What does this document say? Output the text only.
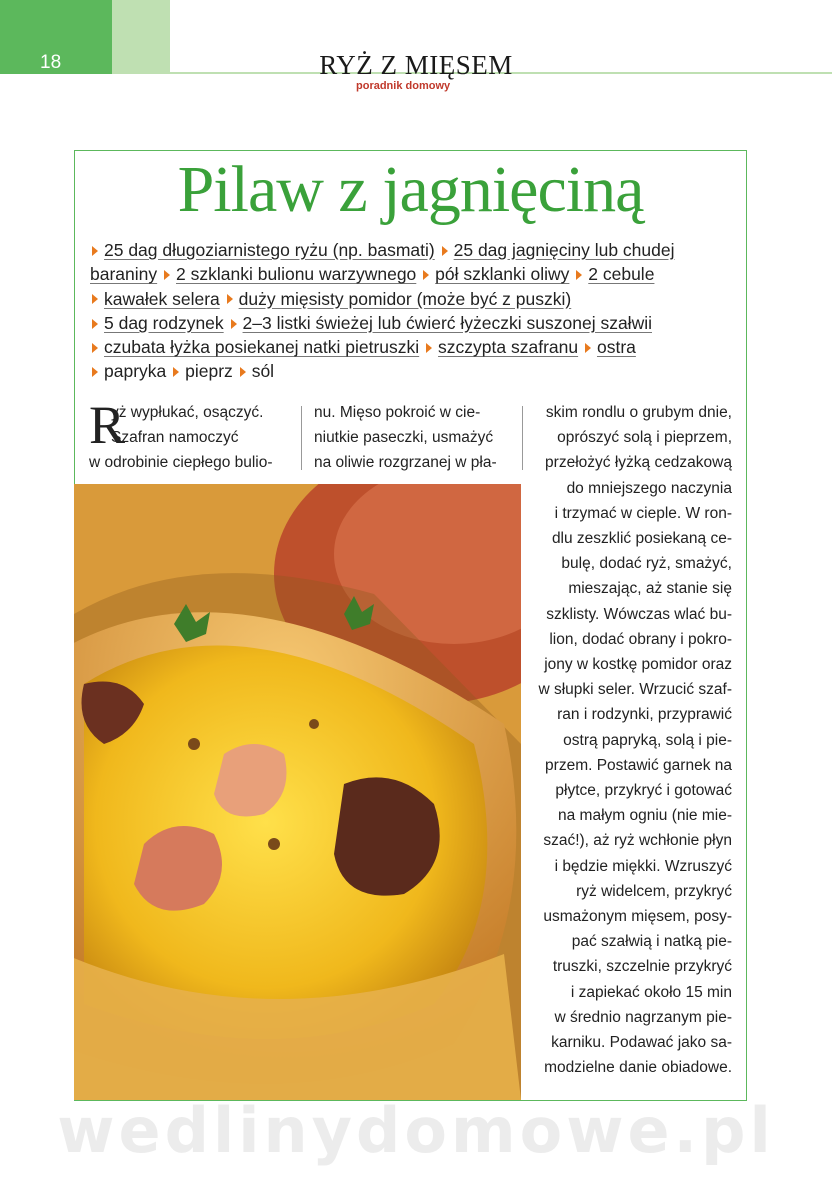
18	RYŻ Z MIĘSEM
poradnik domowy
Pilaw z jagnięciną
25 dag długoziarnistego ryżu (np. basmati) 25 dag jagnięciny lub chudej
baraniny 2 szklanki bulionu warzywnego pół szklanki oliwy 2 cebule
kawałek selera duży mięsisty pomidor (może być z puszki)
5 dag rodzynek 2–3 listki świeżej lub ćwierć łyżeczki suszonej szałwii
czubata łyżka posiekanej natki pietruszki szczypta szafranu ostra
papryka pieprz sól
R
yż wypłukać, osączyć.
Szafran namoczyć
w odrobinie ciepłego bulio-
nu. Mięso pokroić w cie-
niutkie paseczki, usmażyć
na oliwie rozgrzanej w pła-
skim rondlu o grubym dnie,
oprószyć solą i pieprzem,
przełożyć łyżką cedzakową
do mniejszego naczynia
i trzymać w cieple. W ron-
dlu zeszklić posiekaną ce-
bulę, dodać ryż, smażyć,
mieszając, aż stanie się
szklisty. Wówczas wlać bu-
lion, dodać obrany i pokro-
jony w kostkę pomidor oraz
w słupki seler. Wrzucić szaf-
ran i rodzynki, przyprawić
ostrą papryką, solą i pie-
przem. Postawić garnek na
płytce, przykryć i gotować
na małym ogniu (nie mie-
szać!), aż ryż wchłonie płyn
i będzie miękki. Wzruszyć
ryż widelcem, przykryć
usmażonym mięsem, posy-
pać szałwią i natką pie-
truszki, szczelnie przykryć
i zapiekać około 15 min
w średnio nagrzanym pie-
karniku. Podawać jako sa-
modzielne danie obiadowe.
wedlinydomowe.pl
